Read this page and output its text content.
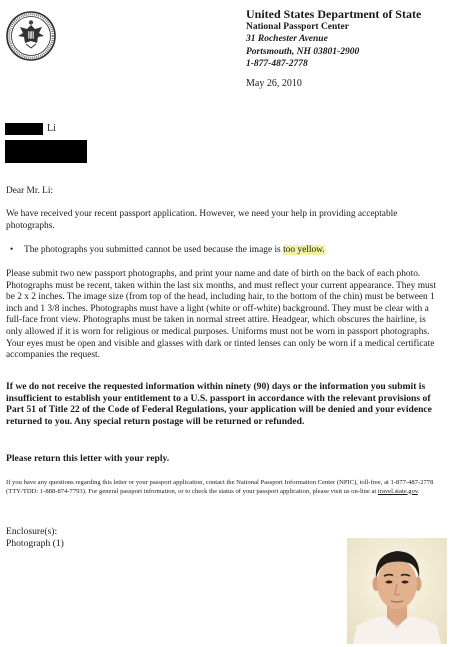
United States Department of State
National Passport Center
31 Rochester Avenue
Portsmouth, NH 03801-2900
1-877-487-2778
May 26, 2010
Li

Dear Mr. Li:

We have received your recent passport application. However, we need your help in providing acceptable photographs.

• The photographs you submitted cannot be used because the image is too yellow.

Please submit two new passport photographs, and print your name and date of birth on the back of each photo. Photographs must be recent, taken within the last six months, and must reflect your current appearance. They must be 2 x 2 inches. The image size (from top of the head, including hair, to the bottom of the chin) must be between 1 inch and 1 3/8 inches. Photographs must have a light (white or off-white) background. They must be clear with a full-face front view. Photographs must be taken in normal street attire. Headgear, which obscures the hairline, is only allowed if it is worn for religious or medical purposes. Uniforms must not be worn in passport photographs. Your eyes must be open and visible and glasses with dark or tinted lenses can only be worn if a medical certificate accompanies the request.

If we do not receive the requested information within ninety (90) days or the information you submit is insufficient to establish your entitlement to a U.S. passport in accordance with the relevant provisions of Part 51 of Title 22 of the Code of Federal Regulations, your application will be denied and your evidence returned to you. Any special return postage will be returned or refunded.

Please return this letter with your reply.

If you have any questions regarding this letter or your passport application, contact the National Passport Information Center (NPIC), toll-free, at 1-877-487-2778 (TTY/TDD: 1-888-874-7793). For general passport information, or to check the status of your passport application, please visit us on-line at travel.state.gov.

Enclosure(s):
Photograph (1)
